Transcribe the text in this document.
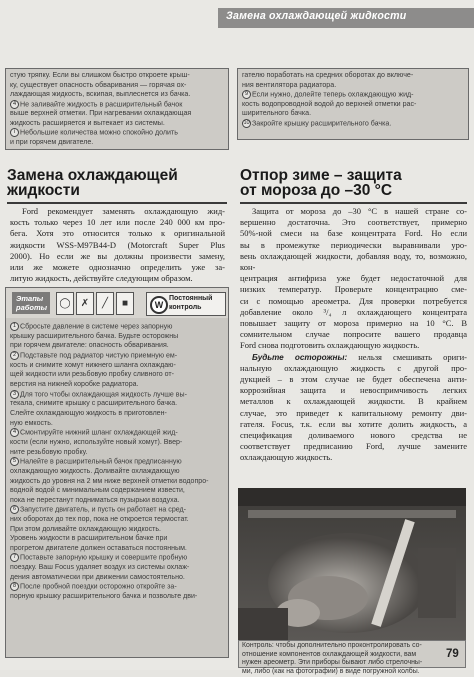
Замена охлаждающей жидкости
стую тряпку. Если вы слишком быстро откроете крыш-
ку, существует опасность обваривания — горячая ох-
лаждающая жидкость, вскипая, выплеснется из бачка.
4 Не заливайте жидкость в расширительный бачок
выше верхней отметки. При нагревании охлаждающая
жидкость расширяется и вытекает из системы.
i Небольшие количества можно спокойно долить
и при горячем двигателе.
гателю поработать на средних оборотах до включе-
ния вентилятора радиатора.
9 Если нужно, долейте теперь охлаждающую жид-
кость водопроводной водой до верхней отметки рас-
ширительного бачка.
10 Закройте крышку расширительного бачка.
Замена охлаждающей
жидкости
Ford рекомендует заменять охлаждающую жид-
кость только через 10 лет или после 240 000 км про-
бега. Хотя это относится только к оригинальной
жидкости WSS-M97B44-D (Motorcraft Super Plus
2000). Но если же вы должны произвести замену,
или же можете однозначно определить уже за-
литую жидкость, действуйте следующим образом.
Отпор зиме – защита
от мороза до –30 °С
Защита от мороза до –30 °С в нашей стране со-
вершенно достаточна. Это соответствует, примерно
50%-ной смеси на базе концентрата Ford. Но если
вы в промежутке периодически выравнивали уро-
вень охлаждающей жидкости, добавляя воду, то, возможно, кон-
центрация антифриза уже будет недостаточной для
низких температур. Проверьте концентрацию сме-
си с помощью ареометра. Для проверки потребуется
добавление около ³/₄ л охлаждающего концентрата
повышает защиту от мороза примерно на 10 °С. В
сомнительном случае попросите вашего продавца
Ford снова подготовить охлаждающую жидкость.
Будьте осторожны: нельзя смешивать ориги-
нальную охлаждающую жидкость с другой про-
дукцией – в этом случае не будет обеспечена анти-
коррозийная защита и невоспримчивость легких
металлов к охлаждающей жидкости. В крайнем
случае, это приведет к капитальному ремонту дви-
гателя. Focus, т.к. если вы хотите долить жидкость, а
спецификация доливаемого нового средства не
соответствует предписанию Ford, лучше замените
охлаждающую жидкость.
Этапы
работы	◯	✗	╱	■	W
Постоянный
контроль
1 Сбросьте давление в системе через запорную
крышку расширительного бачка. Будьте осторожны
при горячем двигателе: опасность обваривания.
2 Подставьте под радиатор чистую приемную ем-
кость и снимите хомут нижнего шланга охлаждаю-
щей жидкости или резьбовую пробку сливного от-
верстия на нижней коробке радиатора.
3 Для того чтобы охлаждающая жидкость лучше вы-
текала, снимите крышку с расширительного бачка.
Слейте охлаждающую жидкость в приготовлен-
ную емкость.
4 Смонтируйте нижний шланг охлаждающей жид-
кости (если нужно, используйте новый хомут). Ввер-
ните резьбовую пробку.
5 Налейте в расширительный бачок предписанную
охлаждающую жидкость. Доливайте охлаждающую
жидкость до уровня на 2 мм ниже верхней отметки водопро-
водной водой с минимальным содержанием извести,
пока не перестанут подниматься пузырьки воздуха.
6 Запустите двигатель, и пусть он работает на сред-
них оборотах до тех пор, пока не откроется термостат.
При этом доливайте охлаждающую жидкость.
Уровень жидкости в расширительном бачке при
прогретом двигателе должен оставаться постоянным.
7 Поставьте запорную крышку и совершите пробную
поездку. Ваш Focus удаляет воздух из системы охлаж-
дения автоматически при движении самостоятельно.
8 После пробной поездки осторожно откройте за-
порную крышку расширительного бачка и позвольте дви-
Контроль: чтобы дополнительно проконтролировать со-
отношение компонентов охлаждающей жидкости, вам
нужен ареометр. Эти приборы бывают либо стрелочны-
ми, либо (как на фотографии) в виде погружной колбы.
79
